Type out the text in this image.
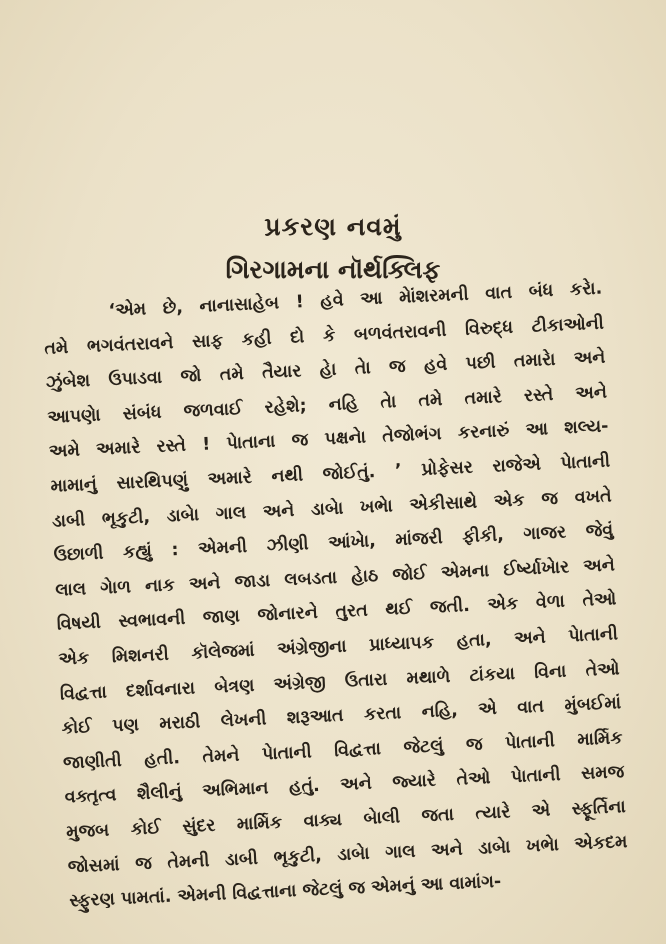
પ્રકરણ નવમું
ગિરગામના નૉર્થક્લિફ
‘એમ છે, નાનાસાહેબ ! હવે આ મેાંશરમની વાત બંધ કરેા.
તમે ભગવંતરાવને સાફ કહી દો કે બળવંતરાવની વિરુદ્ધ ટીકાઓની
ઝુંબેશ ઉપાડવા જો તમે તૈયાર હેા તેા જ હવે પછી તમારેા અને
આપણેા સંબંધ જળવાઈ રહેશે; નહિ તેા તમે તમારે રસ્તે અને
અમે અમારે રસ્તે ! પેાતાના જ પક્ષનેા તેજોભંગ કરનારું આ શલ્ય-
મામાનું સારથિપણું અમારે નથી જોઈતું. ’ પ્રોફેસર રાજેએ પેાતાની
ડાબી ભૃકુટી, ડાબેા ગાલ અને ડાબેા ખભેા એકીસાથે એક જ વખતે
ઉછાળી કહ્યું : એમની ઝીણી આંખેા, માંજરી ફીકી, ગાજર જેવું
લાલ ગેાળ નાક અને જાડા લબડતા હેાઠ જોઈ એમના ઈર્ષ્યાખેાર અને
વિષયી સ્વભાવની જાણ જોનારને તુરત થઈ જતી. એક વેળા તેઓ
એક મિશનરી કૉલેજમાં અંગ્રેજીના પ્રાધ્યાપક હતા, અને પેાતાની
વિદ્વત્તા દર્શાવનારા બેત્રણ અંગ્રેજી ઉતારા મથાળે ટાંકયા વિના તેઓ
કોઈ પણ મરાઠી લેખની શરૂઆત કરતા નહિ, એ વાત મુંબઈમાં
જાણીતી હતી. તેમને પેાતાની વિદ્વત્તા જેટલું જ પેાતાની માર્મિક
વક્તૃત્વ શૈલીનું અભિમાન હતું. અને જ્યારે તેઓ પેાતાની સમજ
મુજબ કોઈ સુંદર માર્મિક વાક્ય બેાલી જતા ત્યારે એ સ્ફૂર્તિના
જોસમાં જ તેમની ડાબી ભૃકુટી, ડાબેા ગાલ અને ડાબેા ખભેા એકદમ
સ્ફુરણ પામતાં. એમની વિદ્વત્તાના જેટલું જ એમનું આ વામાંગ-
